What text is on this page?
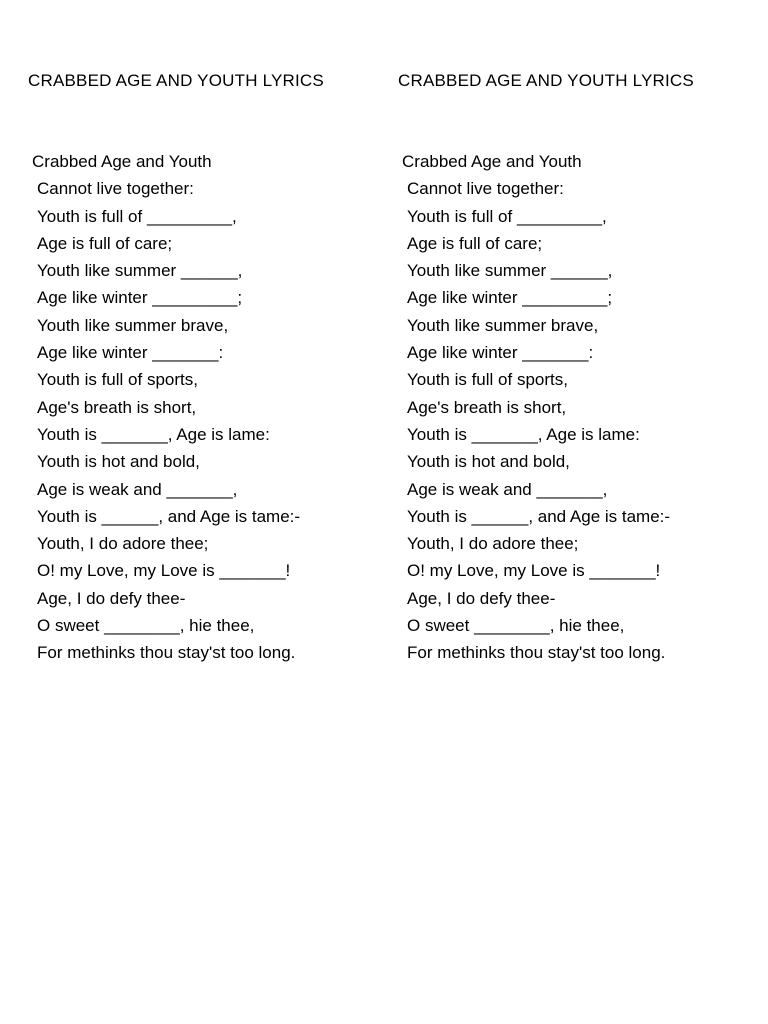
CRABBED AGE AND YOUTH LYRICS
Crabbed Age and Youth
Cannot live together:
Youth is full of _________,
Age is full of care;
Youth like summer ______,
Age like winter _________;
Youth like summer brave,
Age like winter _______:
Youth is full of sports,
Age's breath is short,
Youth is _______, Age is lame:
Youth is hot and bold,
Age is weak and _______,
Youth is ______, and Age is tame:-
Youth, I do adore thee;
O! my Love, my Love is _______!
Age, I do defy thee-
O sweet ________, hie thee,
For methinks thou stay'st too long.
CRABBED AGE AND YOUTH LYRICS
Crabbed Age and Youth
Cannot live together:
Youth is full of _________,
Age is full of care;
Youth like summer ______,
Age like winter _________;
Youth like summer brave,
Age like winter _______:
Youth is full of sports,
Age's breath is short,
Youth is _______, Age is lame:
Youth is hot and bold,
Age is weak and _______,
Youth is ______, and Age is tame:-
Youth, I do adore thee;
O! my Love, my Love is _______!
Age, I do defy thee-
O sweet ________, hie thee,
For methinks thou stay'st too long.
